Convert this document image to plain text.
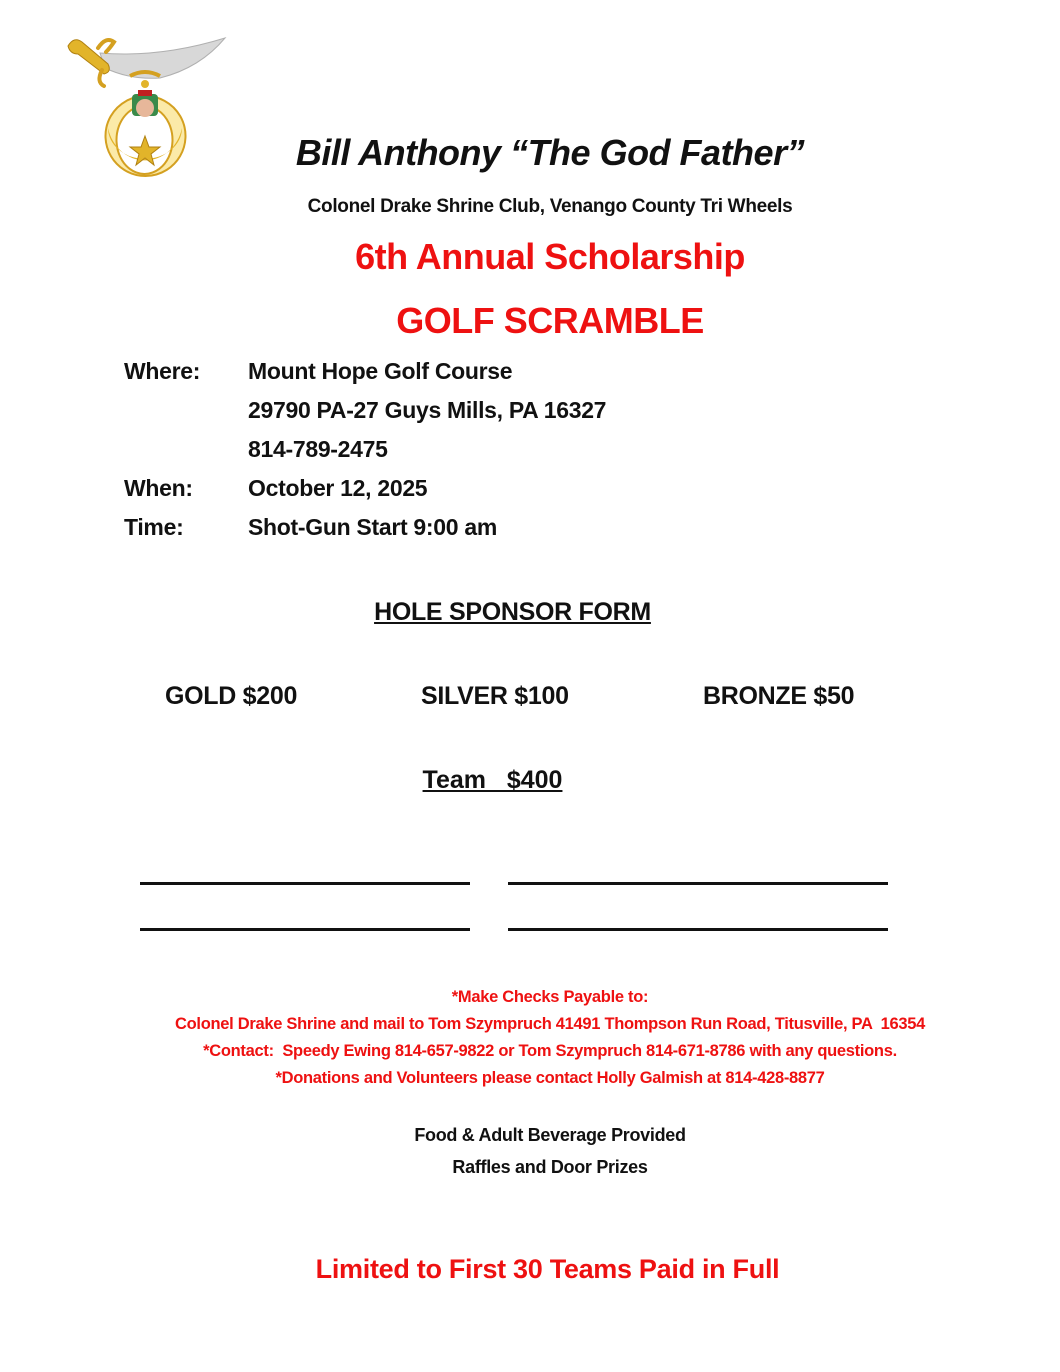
Bill Anthony “The God Father”
Colonel Drake Shrine Club, Venango County Tri Wheels
6th Annual Scholarship
GOLF SCRAMBLE
Where:	Mount Hope Golf Course
29790 PA-27 Guys Mills, PA 16327
814-789-2475
When:	October 12, 2025
Time:	Shot-Gun Start 9:00 am
HOLE SPONSOR FORM
GOLD $200	SILVER $100	BRONZE $50
Team   $400
*Make Checks Payable to:
Colonel Drake Shrine and mail to Tom Szympruch 41491 Thompson Run Road, Titusville, PA  16354
*Contact:  Speedy Ewing 814-657-9822 or Tom Szympruch 814-671-8786 with any questions.
*Donations and Volunteers please contact Holly Galmish at 814-428-8877
Food & Adult Beverage Provided
Raffles and Door Prizes
Limited to First 30 Teams Paid in Full
